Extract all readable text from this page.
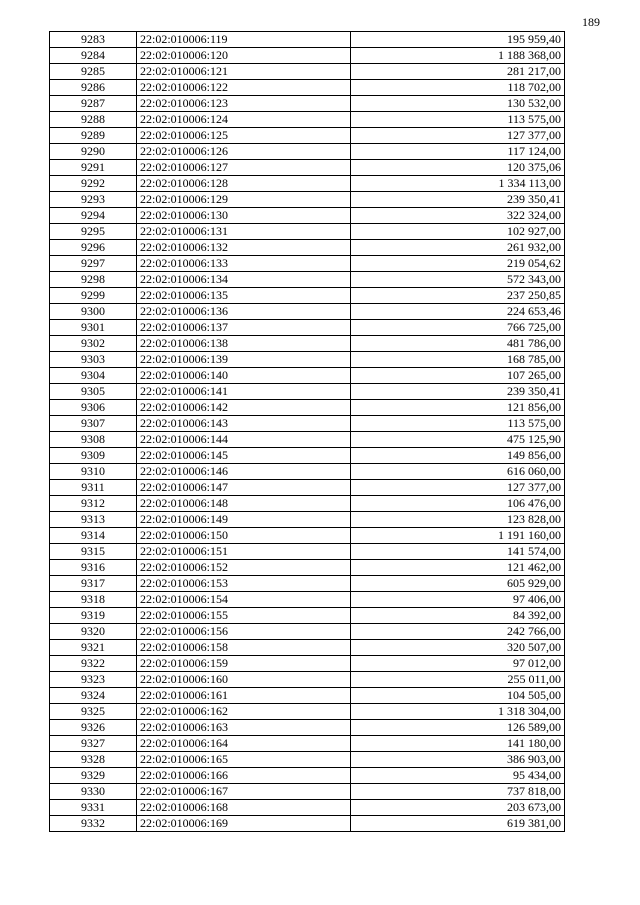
189
9283	22:02:010006:119	195 959,40
9284	22:02:010006:120	1 188 368,00
9285	22:02:010006:121	281 217,00
9286	22:02:010006:122	118 702,00
9287	22:02:010006:123	130 532,00
9288	22:02:010006:124	113 575,00
9289	22:02:010006:125	127 377,00
9290	22:02:010006:126	117 124,00
9291	22:02:010006:127	120 375,06
9292	22:02:010006:128	1 334 113,00
9293	22:02:010006:129	239 350,41
9294	22:02:010006:130	322 324,00
9295	22:02:010006:131	102 927,00
9296	22:02:010006:132	261 932,00
9297	22:02:010006:133	219 054,62
9298	22:02:010006:134	572 343,00
9299	22:02:010006:135	237 250,85
9300	22:02:010006:136	224 653,46
9301	22:02:010006:137	766 725,00
9302	22:02:010006:138	481 786,00
9303	22:02:010006:139	168 785,00
9304	22:02:010006:140	107 265,00
9305	22:02:010006:141	239 350,41
9306	22:02:010006:142	121 856,00
9307	22:02:010006:143	113 575,00
9308	22:02:010006:144	475 125,90
9309	22:02:010006:145	149 856,00
9310	22:02:010006:146	616 060,00
9311	22:02:010006:147	127 377,00
9312	22:02:010006:148	106 476,00
9313	22:02:010006:149	123 828,00
9314	22:02:010006:150	1 191 160,00
9315	22:02:010006:151	141 574,00
9316	22:02:010006:152	121 462,00
9317	22:02:010006:153	605 929,00
9318	22:02:010006:154	97 406,00
9319	22:02:010006:155	84 392,00
9320	22:02:010006:156	242 766,00
9321	22:02:010006:158	320 507,00
9322	22:02:010006:159	97 012,00
9323	22:02:010006:160	255 011,00
9324	22:02:010006:161	104 505,00
9325	22:02:010006:162	1 318 304,00
9326	22:02:010006:163	126 589,00
9327	22:02:010006:164	141 180,00
9328	22:02:010006:165	386 903,00
9329	22:02:010006:166	95 434,00
9330	22:02:010006:167	737 818,00
9331	22:02:010006:168	203 673,00
9332	22:02:010006:169	619 381,00
